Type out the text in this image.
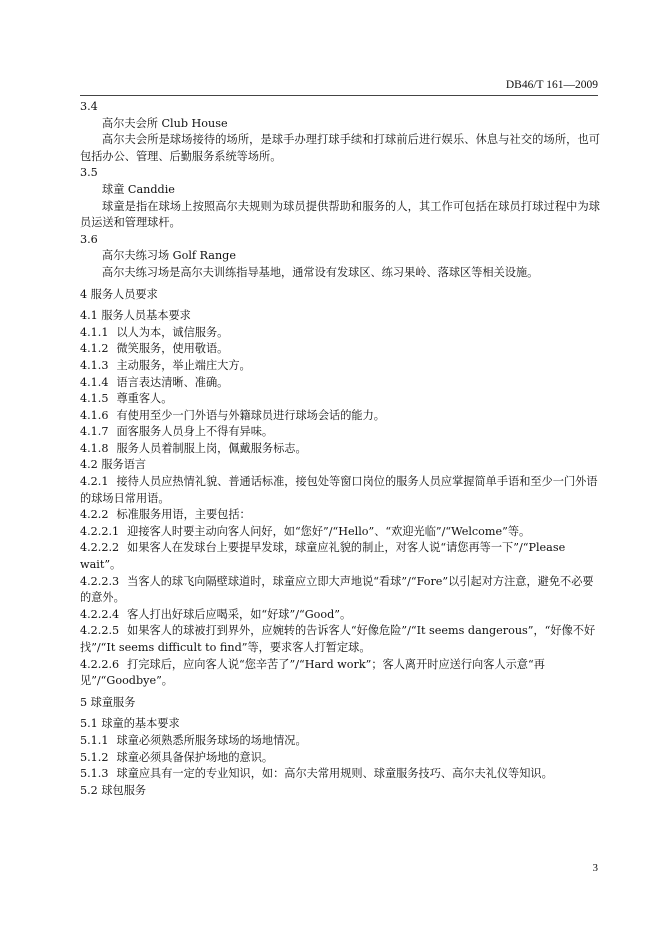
DB46/T 161—2009
3.4
高尔夫会所 Club House
高尔夫会所是球场接待的场所，是球手办理打球手续和打球前后进行娱乐、休息与社交的场所，也可包括办公、管理、后勤服务系统等场所。
3.5
球童 Canddie
球童是指在球场上按照高尔夫规则为球员提供帮助和服务的人，其工作可包括在球员打球过程中为球员运送和管理球杆。
3.6
高尔夫练习场 Golf Range
高尔夫练习场是高尔夫训练指导基地，通常设有发球区、练习果岭、落球区等相关设施。
4 服务人员要求
4.1 服务人员基本要求
4.1.1 以人为本，诚信服务。
4.1.2 微笑服务，使用敬语。
4.1.3 主动服务，举止端庄大方。
4.1.4 语言表达清晰、准确。
4.1.5 尊重客人。
4.1.6 有使用至少一门外语与外籍球员进行球场会话的能力。
4.1.7 面客服务人员身上不得有异味。
4.1.8 服务人员着制服上岗，佩戴服务标志。
4.2 服务语言
4.2.1 接待人员应热情礼貌、普通话标准，接包处等窗口岗位的服务人员应掌握简单手语和至少一门外语的球场日常用语。
4.2.2 标准服务用语，主要包括：
4.2.2.1 迎接客人时要主动向客人问好，如“您好”/“Hello”、“欢迎光临”/“Welcome”等。
4.2.2.2 如果客人在发球台上要提早发球，球童应礼貌的制止，对客人说“请您再等一下”/“Please wait”。
4.2.2.3 当客人的球飞向隔壁球道时，球童应立即大声地说“看球”/“Fore”以引起对方注意，避免不必要的意外。
4.2.2.4 客人打出好球后应喝采，如“好球”/“Good”。
4.2.2.5 如果客人的球被打到界外，应婉转的告诉客人“好像危险”/“It seems dangerous”，“好像不好找”/“It seems difficult to find”等，要求客人打暂定球。
4.2.2.6 打完球后，应向客人说“您辛苦了”/“Hard work”；客人离开时应送行向客人示意“再见”/“Goodbye”。
5 球童服务
5.1 球童的基本要求
5.1.1 球童必须熟悉所服务球场的场地情况。
5.1.2 球童必须具备保护场地的意识。
5.1.3 球童应具有一定的专业知识，如：高尔夫常用规则、球童服务技巧、高尔夫礼仪等知识。
5.2 球包服务
3
